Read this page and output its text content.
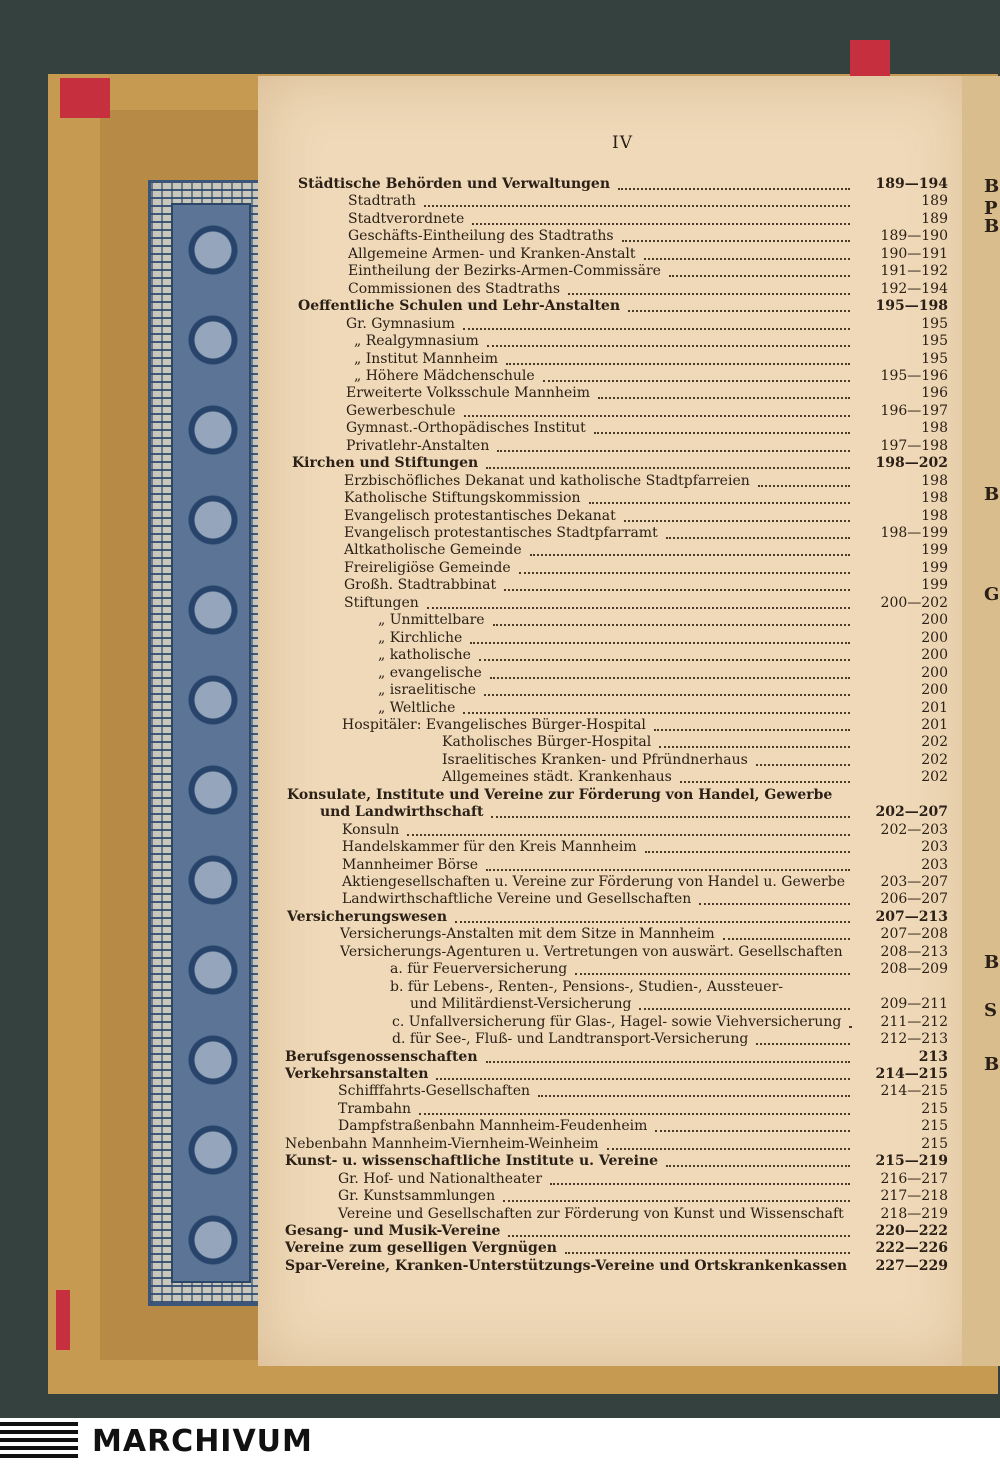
B
P
B
B
G
B
S
B
IV
Städtische Behörden und Verwaltungen	189—194
Stadtrath	189
Stadtverordnete	189
Geschäfts-Eintheilung des Stadtraths	189—190
Allgemeine Armen- und Kranken-Anstalt	190—191
Eintheilung der Bezirks-Armen-Commissäre	191—192
Commissionen des Stadtraths	192—194
Oeffentliche Schulen und Lehr-Anstalten	195—198
Gr. Gymnasium	195
„ Realgymnasium	195
„ Institut Mannheim	195
„ Höhere Mädchenschule	195—196
Erweiterte Volksschule Mannheim	196
Gewerbeschule	196—197
Gymnast.-Orthopädisches Institut	198
Privatlehr-Anstalten	197—198
Kirchen und Stiftungen	198—202
Erzbischöfliches Dekanat und katholische Stadtpfarreien	198
Katholische Stiftungskommission	198
Evangelisch protestantisches Dekanat	198
Evangelisch protestantisches Stadtpfarramt	198—199
Altkatholische Gemeinde	199
Freireligiöse Gemeinde	199
Großh. Stadtrabbinat	199
Stiftungen	200—202
„ Unmittelbare	200
„ Kirchliche	200
„ katholische	200
„ evangelische	200
„ israelitische	200
„ Weltliche	201
Hospitäler: Evangelisches Bürger-Hospital	201
Katholisches Bürger-Hospital	202
Israelitisches Kranken- und Pfründnerhaus	202
Allgemeines städt. Krankenhaus	202
Konsulate, Institute und Vereine zur Förderung von Handel, Gewerbe
und Landwirthschaft	202—207
Konsuln	202—203
Handelskammer für den Kreis Mannheim	203
Mannheimer Börse	203
Aktiengesellschaften u. Vereine zur Förderung von Handel u. Gewerbe	203—207
Landwirthschaftliche Vereine und Gesellschaften	206—207
Versicherungswesen	207—213
Versicherungs-Anstalten mit dem Sitze in Mannheim	207—208
Versicherungs-Agenturen u. Vertretungen von auswärt. Gesellschaften	208—213
a. für Feuerversicherung	208—209
b. für Lebens-, Renten-, Pensions-, Studien-, Aussteuer-
und Militärdienst-Versicherung	209—211
c. Unfallversicherung für Glas-, Hagel- sowie Viehversicherung	211—212
d. für See-, Fluß- und Landtransport-Versicherung	212—213
Berufsgenossenschaften	213
Verkehrsanstalten	214—215
Schifffahrts-Gesellschaften	214—215
Trambahn	215
Dampfstraßenbahn Mannheim-Feudenheim	215
Nebenbahn Mannheim-Viernheim-Weinheim	215
Kunst- u. wissenschaftliche Institute u. Vereine	215—219
Gr. Hof- und Nationaltheater	216—217
Gr. Kunstsammlungen	217—218
Vereine und Gesellschaften zur Förderung von Kunst und Wissenschaft	218—219
Gesang- und Musik-Vereine	220—222
Vereine zum geselligen Vergnügen	222—226
Spar-Vereine, Kranken-Unterstützungs-Vereine und Ortskrankenkassen	227—229
MARCHIVUM
